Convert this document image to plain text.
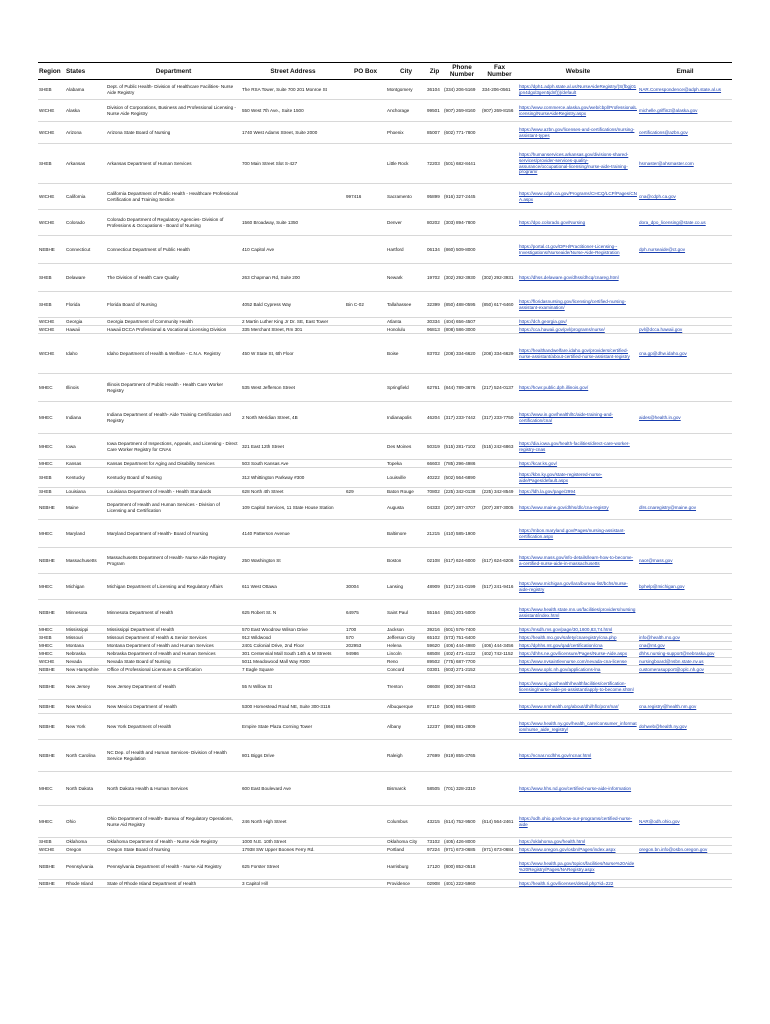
Region	States	Department	Street Address	PO Box	City	Zip	Phone Number	Fax Number	Website	Email
SHEB	Alabama	Dept. of Public Health- Division of Healthcare Facilities- Nurse Aide Registry	The RSA Tower, Suite 700 201 Monroe St		Montgomery	36104	(334) 206-5169	334-206-0561	https://dph1.adph.state.al.us/NurseAideRegistry/(S(fbgj01jpn4dgol3gen5jdnf)))/default	NAR.Correspondence@adph.state.al.us
WICHE	Alaska	Division of Corporations, Business and Professional Licensing - Nurse Aide Registry	550 West 7th Ave., Suite 1500		Anchorage	99501	(907) 269-8160	(907) 269-8156	https://www.commerce.alaska.gov/web/cbpl/ProfessionalLicensing/NurseAideRegistry.aspx	michelle.griffin2@alaska.gov
WICHE	Arizona	Arizona State Board of Nursing	1740 West Adams Street, Suite 2000		Phoenix	85007	(602) 771-7800		https://www.azbn.gov/licenses-and-certifications/nursing-assistant-types	certifications@azbn.gov
SHEB	Arkansas	Arkansas Department of Human Services	700 Main Street Slot S-427		Little Rock	72203	(501) 682-8441		https://humanservices.arkansas.gov/divisions-shared-services/provider-services-quality-assurance/occupational-licensing/nurse-aide-training-program/	hsmaster@ahsmaster.com
WICHE	California	California Department of Public Health - Healthcare Professional Certification and Training Section		997416	Sacramento	95899	(916) 327-2445		https://www.cdph.ca.gov/Programs/CHCQ/LCP/Pages/CNA.aspx	cna@cdph.ca.gov
WICHE	Colorado	Colorado Department of Regulatory Agencies- Division of Professions & Occupations - Board of Nursing	1560 Broadway, Suite 1350		Denver	80202	(303) 894-7800		https://dpo.colorado.gov/Nursing	dora_dpo_licensing@state.co.us
NEBHE	Connecticut	Connecticut Department of Public Health	410 Capitol Ave		Hartford	06134	(860) 509-8000		https://portal.ct.gov/DPH/Practitioner-Licensing--Investigations/Nurseaide/Nurse-Aide-Registration	dph.nurseaide@ct.gov
SHEB	Delaware	The Division of Health Care Quality	263 Chapman Rd, Suite 200		Newark	19702	(302) 292-3930	(302) 292-3931	https://dhss.delaware.gov/dhss/dhcq/cnareg.html	
SHEB	Florida	Florida Board of Nursing	4052 Bald Cypress Way	Bin C-02	Tallahassee	32399	(850) 488-0595	(850) 617-6460	https://floridasnursing.gov/licensing/certified-nursing-assistant-examination/	
WICHE	Georgia	Georgia Department of Community Health	2 Martin Luther King Jr Dr. SE, East Tower		Atlanta	30334	(404) 656-4507		https://dch.georgia.gov/	
WICHE	Hawaii	Hawaii DCCA Professional & Vocational Licensing Division	335 Merchant Street, Rm 301		Honolulu	96813	(808) 586-3000		https://cca.hawaii.gov/pvl/programs/nurse/	pvl@dcca.hawaii.gov
WICHE	Idaho	Idaho Department of Health & Welfare - C.N.A. Registry	450 W State St, 6th Floor		Boise	83702	(208) 334-6620	(208) 334-6629	https://healthandwelfare.idaho.gov/providers/certified-nurse-assistant/about-certified-nurse-assistant-registry	cna.gp@dhw.idaho.gov
MHEC	Illinois	Illinois Department of Public Health - Health Care Worker Registry	535 West Jefferson Street		Springfield	62761	(844) 789-3676	(217) 524-0137	https://hcwr.public.dph.illinois.gov/	
MHEC	Indiana	Indiana Department of Health- Aide Training Certification and Registry	2 North Meridian Street, 4B		Indianapolis	46204	(317) 233-7442	(317) 233-7750	https://www.in.gov/health/ltc/aide-training-and-certification/cna/	aides@health.in.gov
MHEC	Iowa	Iowa Department of Inspections, Appeals, and Licensing - Direct Care Worker Registry for CNAs	321 East 12th Street		Des Moines	50319	(515) 281-7102	(515) 242-6863	https://dia.iowa.gov/health-facilities/direct-care-worker-registry-cnas	
MHEC	Kansas	Kansas Department for Aging and Disability Services	503 South Kansas Ave		Topeka	66603	(785) 296-4986		https://kcar.ks.gov/	
SHEB	Kentucky	Kentucky Board of Nursing	312 Whittington Parkway #300		Louisville	40222	(502) 564-6890		https://kbn.ky.gov/state-registered-nurse-aide/Pages/default.aspx	
SHEB	Louisiana	Louisiana Department of Health - Health Standards	628 North 4th Street	629	Baton Rouge	70802	(225) 342-0138	(225) 342-8549	https://ldh.la.gov/page/2994	
NEBHE	Maine	Department of Health and Human Services - Division of Licensing and Certification	109 Capitol Services, 11 State House Station		Augusta	04333	(207) 287-3707	(207) 287-3005	https://www.maine.gov/dhhs/dlc/cna-registry	dlrs.cnaregistry@maine.gov
MHEC	Maryland	Maryland Department of Health- Board of Nursing	4140 Patterson Avenue		Baltimore	21215	(410) 585-1900		https://mbon.maryland.gov/Pages/nursing-assistant-certification.aspx	
NEBHE	Massachusetts	Massachusetts Department of Health- Nurse Aide Registry Program	250 Washington St		Boston	02108	(617) 624-6000	(617) 624-6206	https://www.mass.gov/info-details/learn-how-to-become-a-certified-nurse-aide-in-massachusetts	naor@mass.gov
MHEC	Michigan	Michigan Department of Licensing and Regulatory Affairs	611 West Ottawa	30004	Lansing	48909	(517) 241-0199	(517) 241-9416	https://www.michigan.gov/lara/bureau-list/bchs/nurse-aide-registry	bphelp@michigan.gov
NEBHE	Minnesota	Minnesota Department of Health	625 Robert St. N	64975	Saint Paul	55164	(651) 201-5000		https://www.health.state.mn.us/facilities/providers/nursingassistant/index.html	
MHEC	Mississippi	Mississippi Department of Health	570 East Woodrow Wilson Drive	1700	Jackson	39216	(601) 576-7400		https://msdh.ms.gov/page/30,1600,83,74.html	
SHEB	Missouri	Missouri Department of Health & Senior Services	912 Wildwood	570	Jefferson City	65102	(573) 751-6400		https://health.mo.gov/safety/cnaregistry/cna.php	info@health.mo.gov
MHEC	Montana	Montana Department of Health and Human Services	2401 Colonial Drive, 2nd Floor	202953	Helena	59620	(406) 444-4980	(406) 444-3456	https://dphhs.mt.gov/qad/certification/cna	cna@mt.gov
MHEC	Nebraska	Nebraska Department of Health and Human Services	301 Centennial Mall South 14th & M Streets	94986	Lincoln	68508	(402) 471-4122	(402) 742-1152	https://dhhs.ne.gov/licensure/Pages/Nurse-Aide.aspx	dhhs.nursing-support@nebraska.gov
WICHE	Nevada	Nevada State Board of Nursing	5011 Meadowood Mall Way #300		Reno	89502	(775) 687-7700		https://www.nvsaintlevnurse.com/nevada-cna-license	nursingboard@nsbn.state.nv.us
NEBHE	New Hampshire	Office of Professional Licensure & Certification	7 Eagle Square		Concord	03301	(603) 271-2152		https://www.oplc.nh.gov/applications-lna	customerasupport@oplc.nh.gov
NEBHE	New Jersey	New Jersey Department of Health	55 N Willow St		Trenton	08608	(800) 367-6543		https://www.nj.gov/health/healthfacilities/certification-licensing/nurse-aide-ps-assistant/apply-to-become.shtml	
NEBHE	New Mexico	New Mexico Department of Health	5300 Homestead Road NE, Suite 300-3116		Albuquerque	87110	(505) 861-9680		https://www.nmhealth.org/about/dhi/hflc/pcnr/nar/	cna.registry@health.nm.gov
NEBHE	New York	New York Department of Health	Empire State Plaza Corning Tower		Albany	12237	(866) 881-2809		https://www.health.ny.gov/health_care/consumer_information/nurse_aide_registry/	dohweb@health.ny.gov
NEBHE	North Carolina	NC Dep. of Health and Human Services- Division of Health Service Regulation	801 Biggs Drive		Raleigh	27699	(919) 855-3765		https://ncnar.ncdhhs.gov/ncnar.html	
MHEC	North Dakota	North Dakota Health & Human Services	600 East Boulevard Ave		Bismarck	58505	(701) 328-2310		https://www.hhs.nd.gov/certified-nurse-aide-information	
MHEC	Ohio	Ohio Department of Health- Bureau of Regulatory Operations, Nurse Aid Registry	246 North High Street		Columbus	43215	(614) 752-9500	(614) 564-2461	https://odh.ohio.gov/know-our-programs/certified-nurse-aide	NAR@odh.ohio.gov
SHEB	Oklahoma	Oklahoma Department of Health - Nurse Aide Registry	1000 N.E. 10th Street		Oklahoma City	73102	(405) 426-8000		https://oklahoma.gov/health.html	
WICHE	Oregon	Oregon State Board of Nursing	17938 SW Upper Boones Ferry Rd.		Portland	97224	(971) 673-0685	(971) 673-0684	https://www.oregon.gov/osbn/Pages/index.aspx	oregon.bn.info@osbn.oregon.gov
NEBHE	Pennsylvania	Pennsylvania Department of Health - Nurse Aid Registry	625 Forster Street		Harrisburg	17120	(800) 852-0518		https://www.health.pa.gov/topics/facilities/Nurse%20Aide%20Registry/Pages/NARegistry.aspx	
NEBHE	Rhode Island	State of Rhode Island Department of Health	3 Capitol Hill		Providence	02908	(401) 222-5960		https://health.ri.gov/licenses/detail.php?id=222	
